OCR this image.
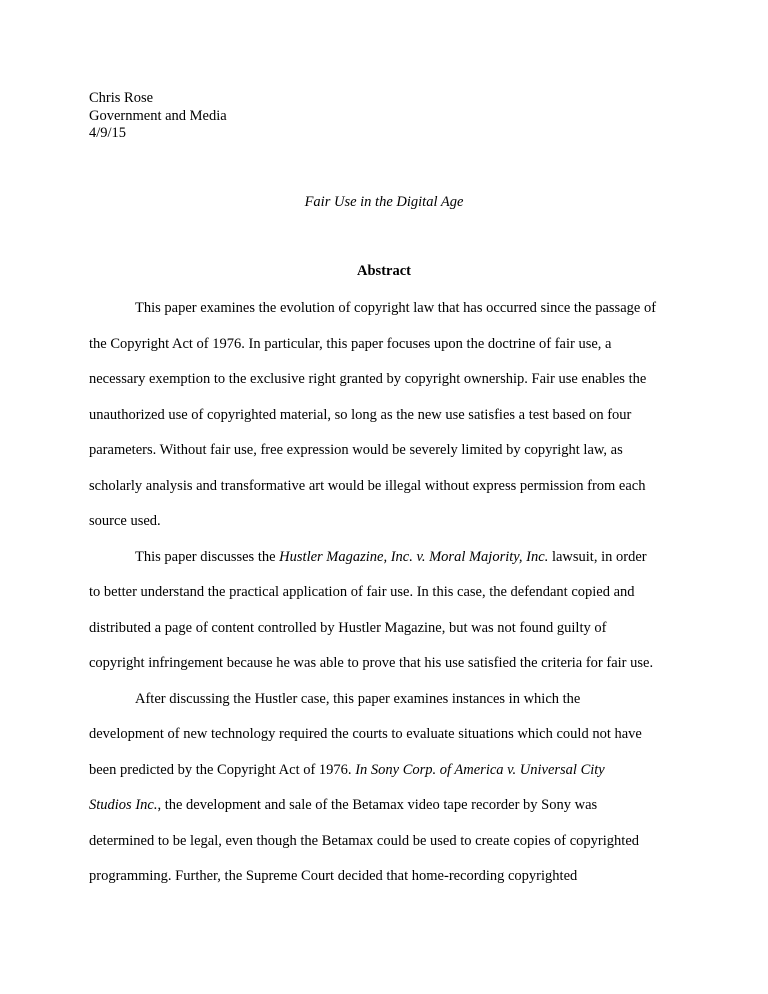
Chris Rose
Government and Media
4/9/15
Fair Use in the Digital Age
Abstract
This paper examines the evolution of copyright law that has occurred since the passage of
the Copyright Act of 1976. In particular, this paper focuses upon the doctrine of fair use, a
necessary exemption to the exclusive right granted by copyright ownership. Fair use enables the
unauthorized use of copyrighted material, so long as the new use satisfies a test based on four
parameters. Without fair use, free expression would be severely limited by copyright law, as
scholarly analysis and transformative art would be illegal without express permission from each
source used.
This paper discusses the Hustler Magazine, Inc. v. Moral Majority, Inc. lawsuit, in order
to better understand the practical application of fair use. In this case, the defendant copied and
distributed a page of content controlled by Hustler Magazine, but was not found guilty of
copyright infringement because he was able to prove that his use satisfied the criteria for fair use.
After discussing the Hustler case, this paper examines instances in which the
development of new technology required the courts to evaluate situations which could not have
been predicted by the Copyright Act of 1976. In Sony Corp. of America v. Universal City
Studios Inc., the development and sale of the Betamax video tape recorder by Sony was
determined to be legal, even though the Betamax could be used to create copies of copyrighted
programming. Further, the Supreme Court decided that home-recording copyrighted
